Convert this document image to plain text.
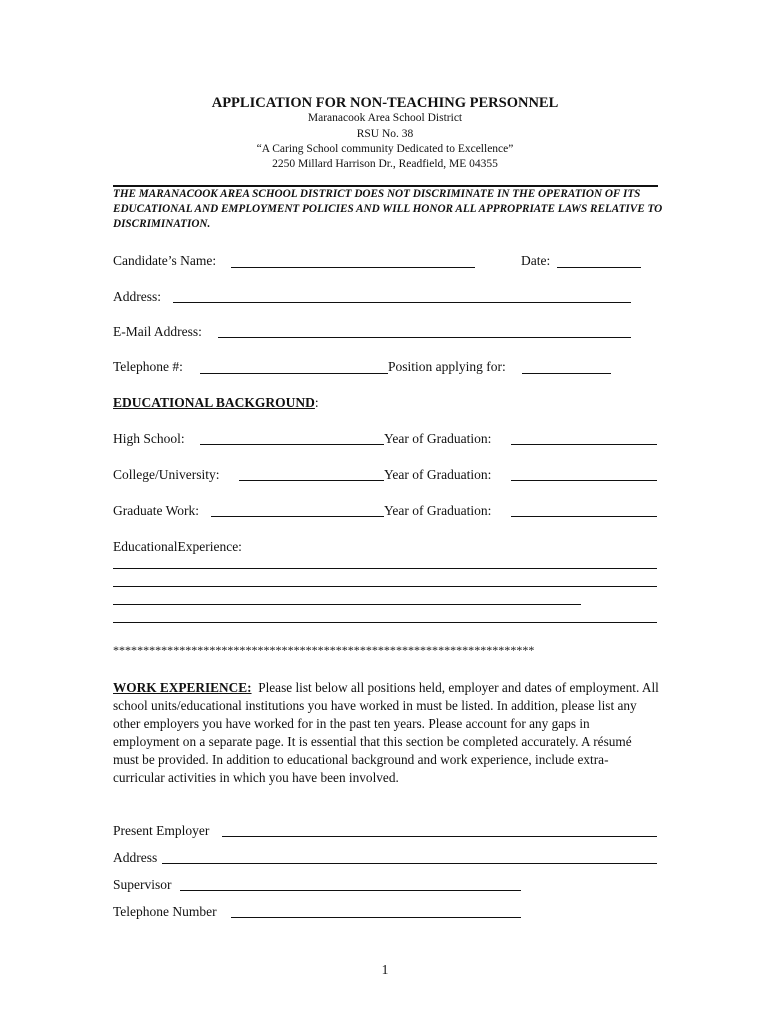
APPLICATION FOR NON-TEACHING PERSONNEL
Maranacook Area School District
RSU No. 38
“A Caring School community Dedicated to Excellence”
2250 Millard Harrison Dr., Readfield, ME 04355
THE MARANACOOK AREA SCHOOL DISTRICT DOES NOT DISCRIMINATE IN THE OPERATION OF ITS EDUCATIONAL AND EMPLOYMENT POLICIES AND WILL HONOR ALL APPROPRIATE LAWS RELATIVE TO DISCRIMINATION.
Candidate’s Name:	Date:
Address:
E-Mail Address:
Telephone #:	Position applying for:
EDUCATIONAL BACKGROUND:
High School:	Year of Graduation:
College/University:	Year of Graduation:
Graduate Work:	Year of Graduation:
EducationalExperience:
**********************************************************************
WORK EXPERIENCE: Please list below all positions held, employer and dates of employment. All school units/educational institutions you have worked in must be listed. In addition, please list any other employers you have worked for in the past ten years. Please account for any gaps in employment on a separate page. It is essential that this section be completed accurately. A résumé must be provided. In addition to educational background and work experience, include extra-curricular activities in which you have been involved.
Present Employer
Address
Supervisor
Telephone Number
1
